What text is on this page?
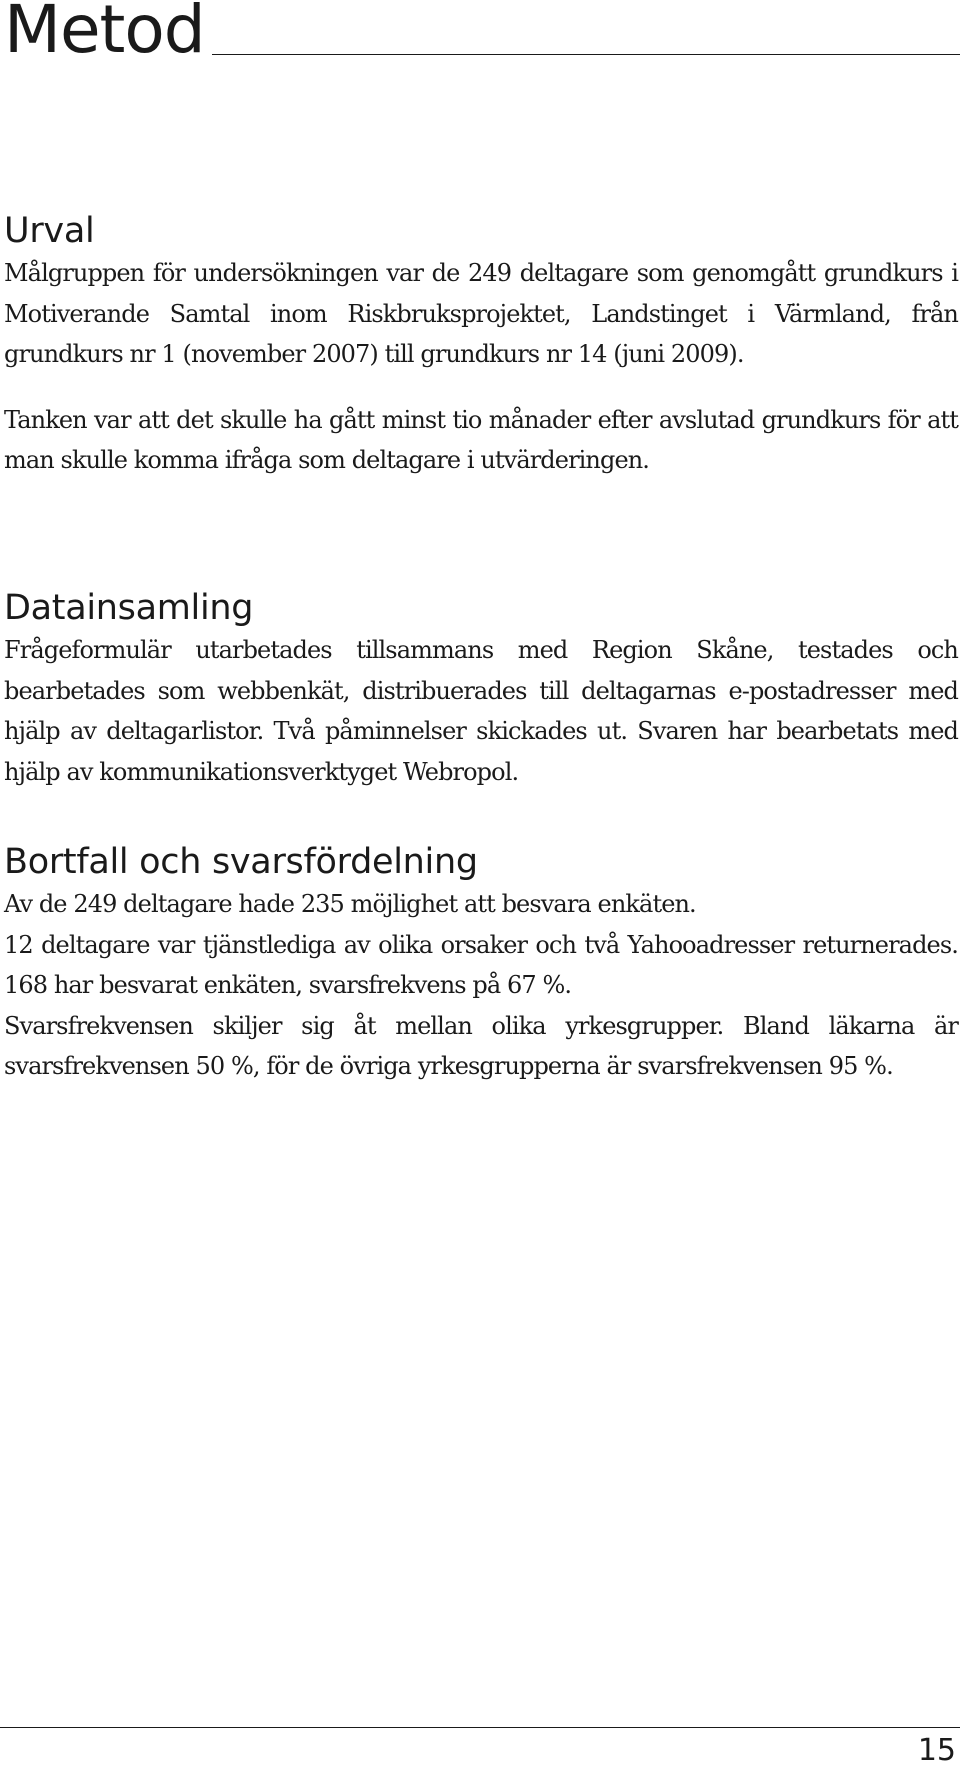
Metod
Urval

Målgruppen för undersökningen var de 249 deltagare som genomgått grundkurs i Motiverande Samtal inom Riskbruksprojektet, Landstinget i Värmland, från grundkurs nr 1 (november 2007) till grundkurs nr 14 (juni 2009).

Tanken var att det skulle ha gått minst tio månader efter avslutad grundkurs för att man skulle komma ifråga som deltagare i utvärderingen.

Datainsamling

Frågeformulär utarbetades tillsammans med Region Skåne, testades och bearbetades som webbenkät, distribuerades till deltagarnas e-postadresser med hjälp av deltagarlistor. Två påminnelser skickades ut. Svaren har bearbetats med hjälp av kommunikationsverktyget Webropol.

Bortfall och svarsfördelning

Av de 249 deltagare hade 235 möjlighet att besvara enkäten.

12 deltagare var tjänstlediga av olika orsaker och två Yahooadresser returnerades. 168 har besvarat enkäten, svarsfrekvens på 67 %.

Svarsfrekvensen skiljer sig åt mellan olika yrkesgrupper. Bland läkarna är svarsfrekvensen 50 %, för de övriga yrkesgrupperna är svarsfrekvensen 95 %.

15
